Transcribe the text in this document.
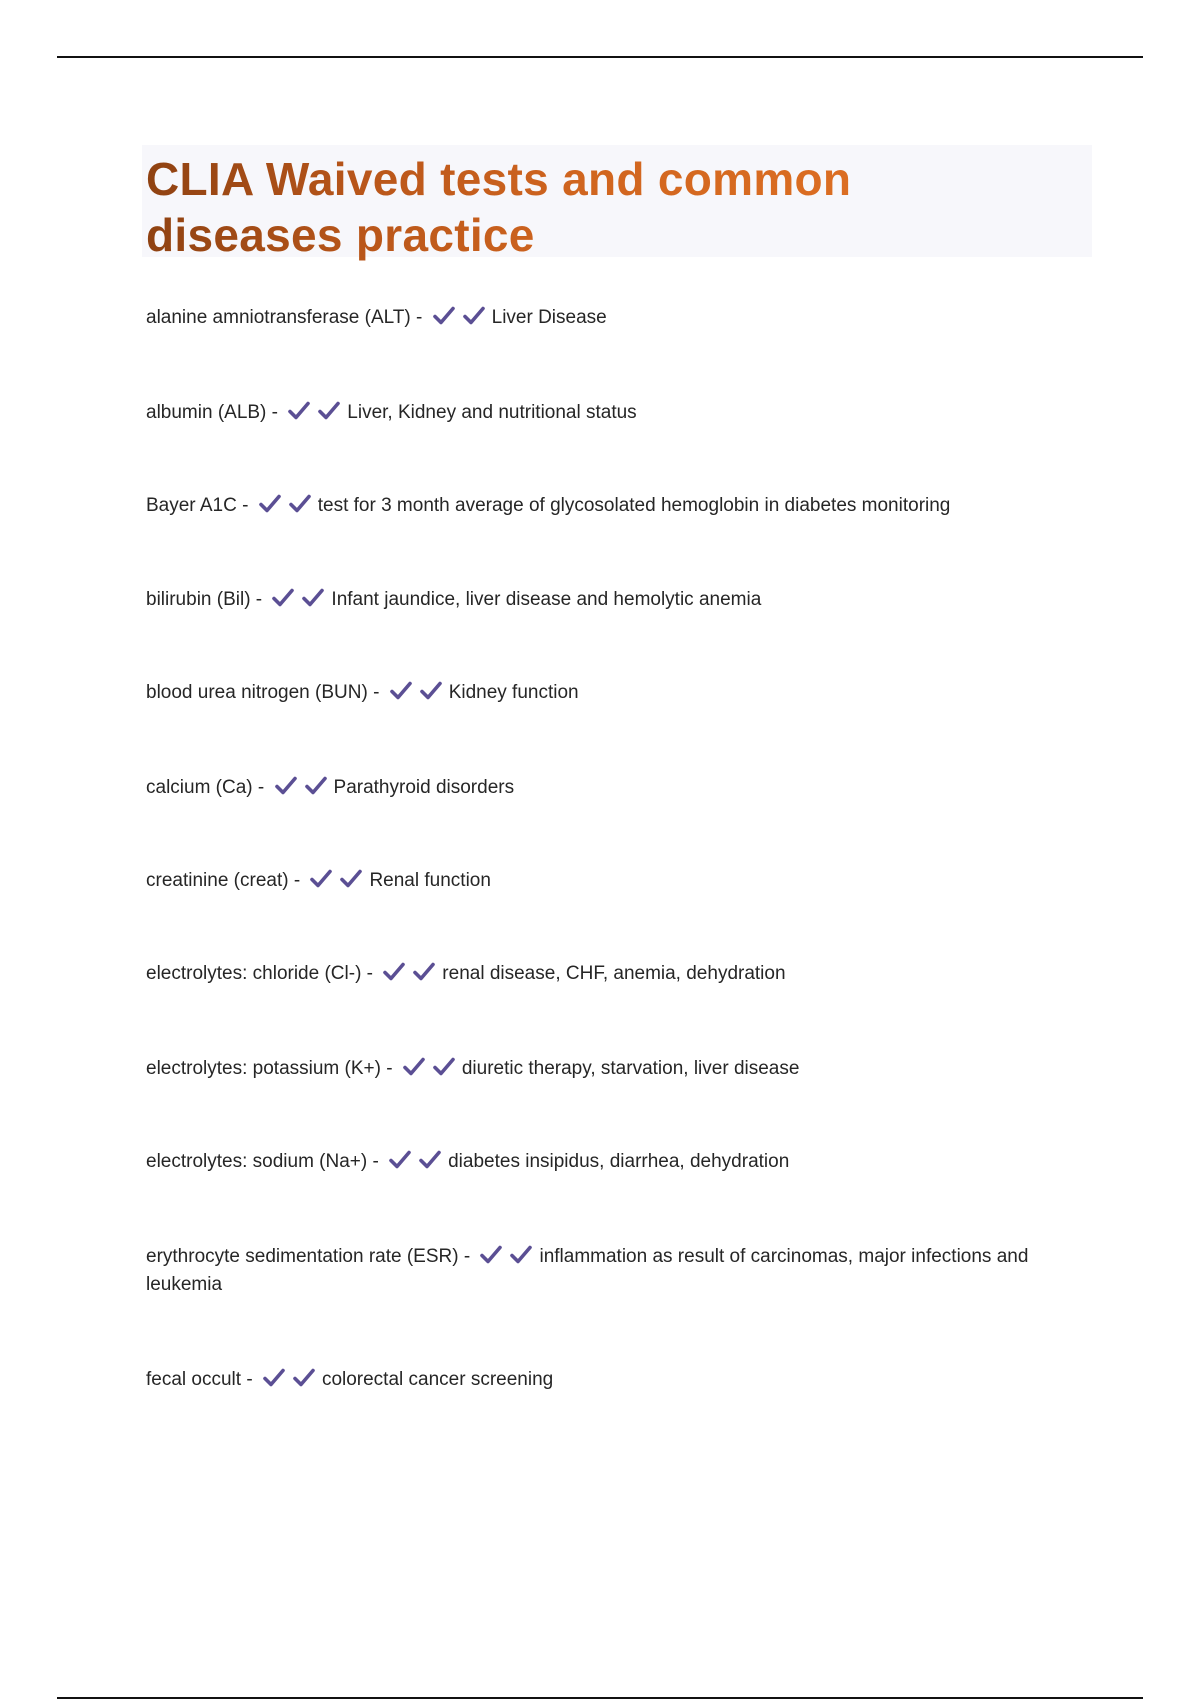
CLIA Waived tests and common diseases practice
alanine amniotransferase (ALT) -	Liver Disease
albumin (ALB) -	Liver, Kidney and nutritional status
Bayer A1C -	test for 3 month average of glycosolated hemoglobin in diabetes monitoring
bilirubin (Bil) -	Infant jaundice, liver disease and hemolytic anemia
blood urea nitrogen (BUN) -	Kidney function
calcium (Ca) -	Parathyroid disorders
creatinine (creat) -	Renal function
electrolytes: chloride (Cl-) -	renal disease, CHF, anemia, dehydration
electrolytes: potassium (K+) -	diuretic therapy, starvation, liver disease
electrolytes: sodium (Na+) -	diabetes insipidus, diarrhea, dehydration
erythrocyte sedimentation rate (ESR) -	inflammation as result of carcinomas, major infections and leukemia
fecal occult -	colorectal cancer screening
